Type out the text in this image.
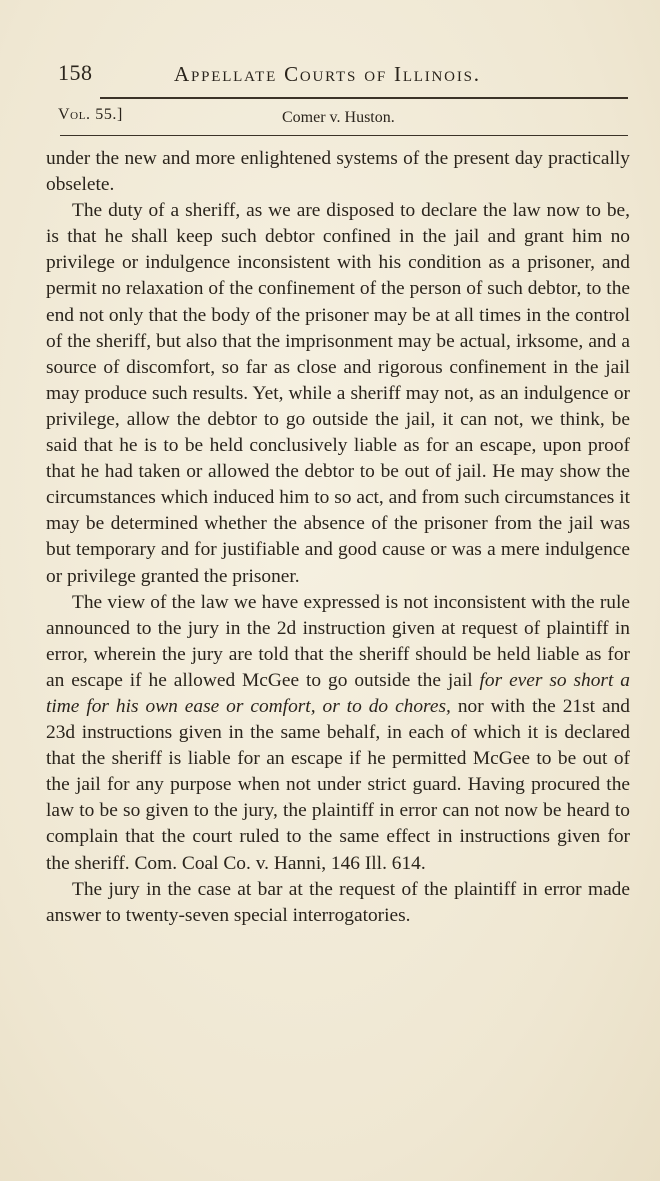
158	Appellate Courts of Illinois.
Vol. 55.]	Comer v. Huston.

under the new and more enlightened systems of the present day practically obselete.

The duty of a sheriff, as we are disposed to declare the law now to be, is that he shall keep such debtor confined in the jail and grant him no privilege or indulgence inconsistent with his condition as a prisoner, and permit no relaxation of the confinement of the person of such debtor, to the end not only that the body of the prisoner may be at all times in the control of the sheriff, but also that the imprisonment may be actual, irksome, and a source of discomfort, so far as close and rigorous confinement in the jail may produce such results. Yet, while a sheriff may not, as an indulgence or privilege, allow the debtor to go outside the jail, it can not, we think, be said that he is to be held conclusively liable as for an escape, upon proof that he had taken or allowed the debtor to be out of jail. He may show the circumstances which induced him to so act, and from such circumstances it may be determined whether the absence of the prisoner from the jail was but temporary and for justifiable and good cause or was a mere indulgence or privilege granted the prisoner.

The view of the law we have expressed is not inconsistent with the rule announced to the jury in the 2d instruction given at request of plaintiff in error, wherein the jury are told that the sheriff should be held liable as for an escape if he allowed McGee to go outside the jail for ever so short a time for his own ease or comfort, or to do chores, nor with the 21st and 23d instructions given in the same behalf, in each of which it is declared that the sheriff is liable for an escape if he permitted McGee to be out of the jail for any purpose when not under strict guard. Having procured the law to be so given to the jury, the plaintiff in error can not now be heard to complain that the court ruled to the same effect in instructions given for the sheriff. Com. Coal Co. v. Hanni, 146 Ill. 614.

The jury in the case at bar at the request of the plaintiff in error made answer to twenty-seven special interrogatories.
